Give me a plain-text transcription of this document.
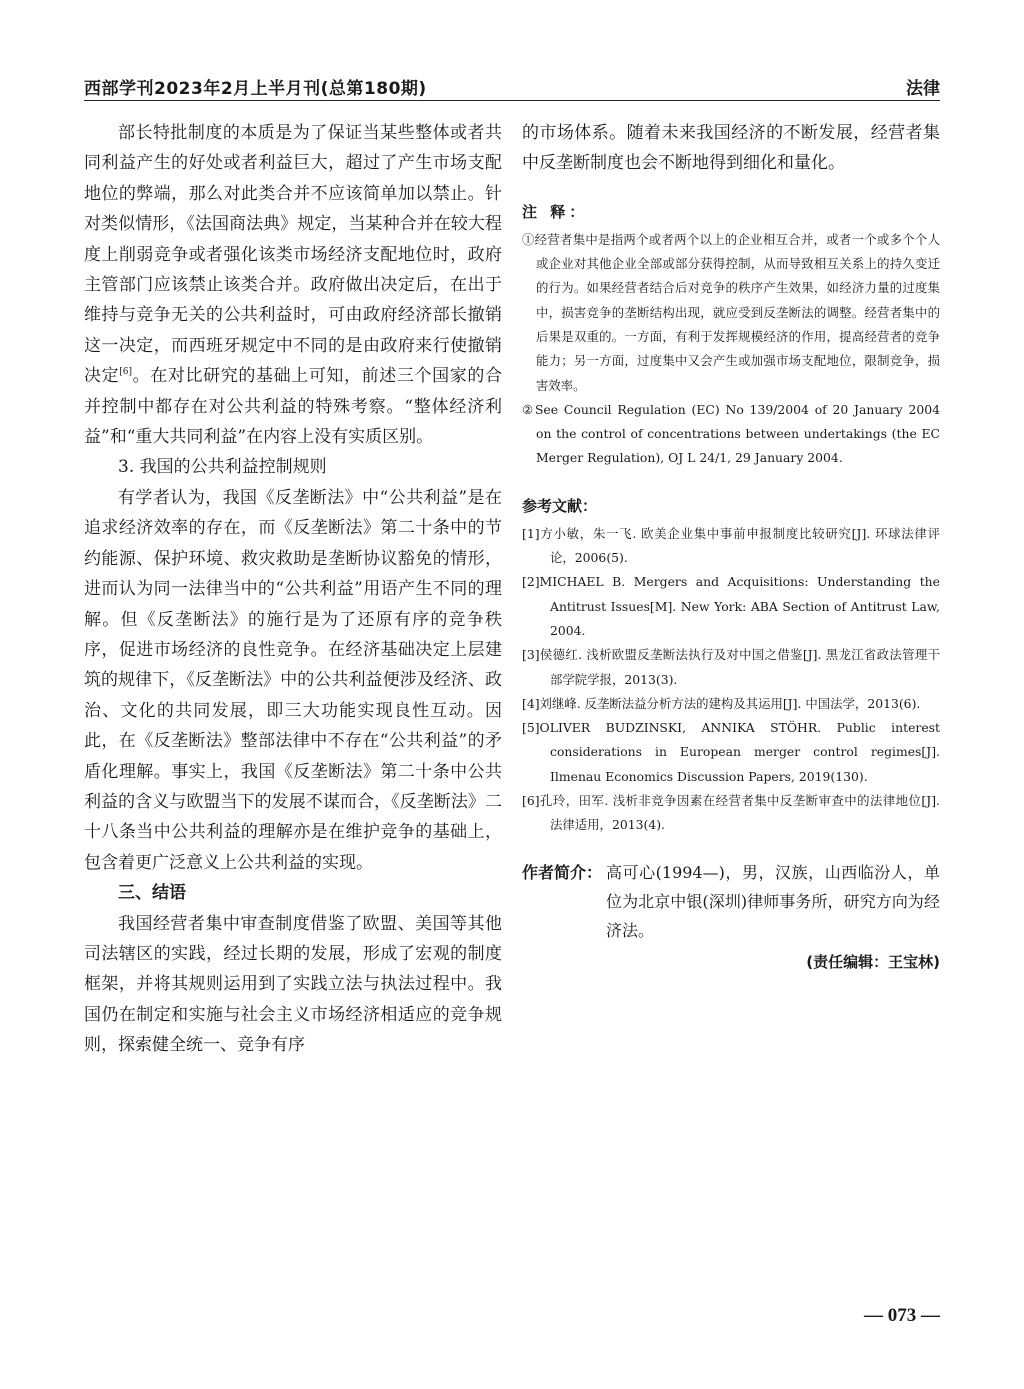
西部学刊2023年2月上半月刊(总第180期)	法律

部长特批制度的本质是为了保证当某些整体或者共同利益产生的好处或者利益巨大，超过了产生市场支配地位的弊端，那么对此类合并不应该简单加以禁止。针对类似情形，《法国商法典》规定，当某种合并在较大程度上削弱竞争或者强化该类市场经济支配地位时，政府主管部门应该禁止该类合并。政府做出决定后，在出于维持与竞争无关的公共利益时，可由政府经济部长撤销这一决定，而西班牙规定中不同的是由政府来行使撤销决定[6]。在对比研究的基础上可知，前述三个国家的合并控制中都存在对公共利益的特殊考察。“整体经济利益”和“重大共同利益”在内容上没有实质区别。

3. 我国的公共利益控制规则

有学者认为，我国《反垄断法》中“公共利益”是在追求经济效率的存在，而《反垄断法》第二十条中的节约能源、保护环境、救灾救助是垄断协议豁免的情形，进而认为同一法律当中的“公共利益”用语产生不同的理解。但《反垄断法》的施行是为了还原有序的竞争秩序，促进市场经济的良性竞争。在经济基础决定上层建筑的规律下，《反垄断法》中的公共利益便涉及经济、政治、文化的共同发展，即三大功能实现良性互动。因此，在《反垄断法》整部法律中不存在“公共利益”的矛盾化理解。事实上，我国《反垄断法》第二十条中公共利益的含义与欧盟当下的发展不谋而合，《反垄断法》二十八条当中公共利益的理解亦是在维护竞争的基础上，包含着更广泛意义上公共利益的实现。

三、结语

我国经营者集中审查制度借鉴了欧盟、美国等其他司法辖区的实践，经过长期的发展，形成了宏观的制度框架，并将其规则运用到了实践立法与执法过程中。我国仍在制定和实施与社会主义市场经济相适应的竞争规则，探索健全统一、竞争有序

的市场体系。随着未来我国经济的不断发展，经营者集中反垄断制度也会不断地得到细化和量化。

注 释：

①经营者集中是指两个或者两个以上的企业相互合并，或者一个或多个个人或企业对其他企业全部或部分获得控制，从而导致相互关系上的持久变迁的行为。如果经营者结合后对竞争的秩序产生效果，如经济力量的过度集中，损害竞争的垄断结构出现，就应受到反垄断法的调整。经营者集中的后果是双重的。一方面，有利于发挥规模经济的作用，提高经营者的竞争能力；另一方面，过度集中又会产生或加强市场支配地位，限制竞争，损害效率。

②See Council Regulation (EC) No 139/2004 of 20 January 2004 on the control of concentrations between undertakings (the EC Merger Regulation), OJ L 24/1, 29 January 2004.

参考文献：

[1]方小敏，朱一飞. 欧美企业集中事前申报制度比较研究[J]. 环球法律评论，2006(5).

[2]MICHAEL B. Mergers and Acquisitions: Understanding the Antitrust Issues[M]. New York: ABA Section of Antitrust Law, 2004.

[3]侯德红. 浅析欧盟反垄断法执行及对中国之借鉴[J]. 黑龙江省政法管理干部学院学报，2013(3).

[4]刘继峰. 反垄断法益分析方法的建构及其运用[J]. 中国法学，2013(6).

[5]OLIVER BUDZINSKI, ANNIKA STÖHR. Public interest considerations in European merger control regimes[J]. Ilmenau Economics Discussion Papers, 2019(130).

[6]孔玲，田军. 浅析非竞争因素在经营者集中反垄断审查中的法律地位[J]. 法律适用，2013(4).

作者简介： 高可心(1994—)，男，汉族，山西临汾人，单位为北京中银(深圳)律师事务所，研究方向为经济法。
(责任编辑：王宝林)
— 073 —
